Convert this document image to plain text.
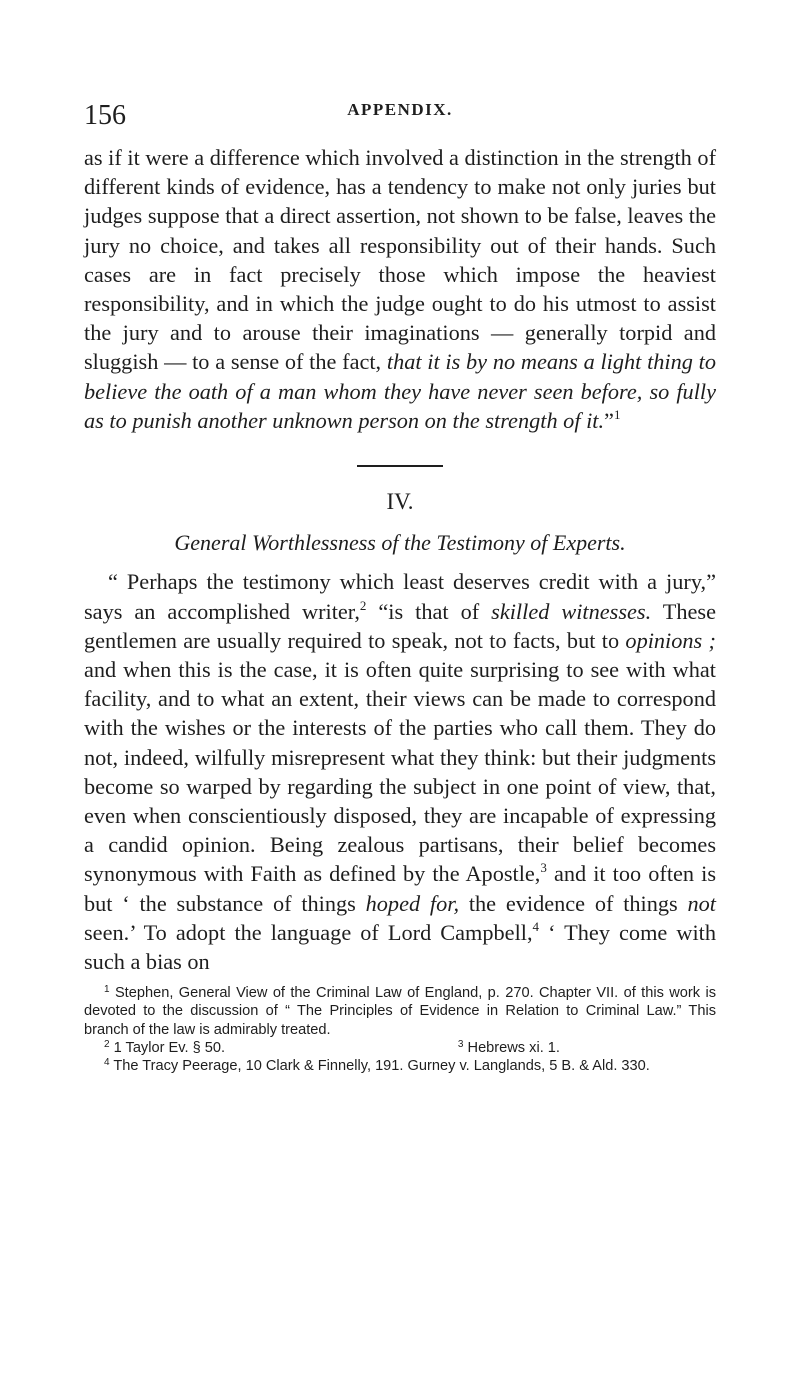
156	APPENDIX.

as if it were a difference which involved a distinction in the strength of different kinds of evidence, has a tendency to make not only juries but judges suppose that a direct assertion, not shown to be false, leaves the jury no choice, and takes all responsibility out of their hands. Such cases are in fact precisely those which impose the heaviest responsibility, and in which the judge ought to do his utmost to assist the jury and to arouse their imaginations — generally torpid and sluggish — to a sense of the fact, that it is by no means a light thing to believe the oath of a man whom they have never seen before, so fully as to punish another unknown person on the strength of it.”$^1$

IV.
General Worthlessness of the Testimony of Experts.

“ Perhaps the testimony which least deserves credit with a jury,” says an accomplished writer,$^2$ “is that of skilled witnesses. These gentlemen are usually required to speak, not to facts, but to opinions ; and when this is the case, it is often quite surprising to see with what facility, and to what an extent, their views can be made to correspond with the wishes or the interests of the parties who call them. They do not, indeed, wilfully misrepresent what they think: but their judgments become so warped by regarding the subject in one point of view, that, even when conscientiously disposed, they are incapable of expressing a candid opinion. Being zealous partisans, their belief becomes synonymous with Faith as defined by the Apostle,$^3$ and it too often is but ‘ the substance of things hoped for, the evidence of things not seen.’ To adopt the language of Lord Campbell,$^4$ ‘ They come with such a bias on

$^1$ Stephen, General View of the Criminal Law of England, p. 270. Chapter VII. of this work is devoted to the discussion of “ The Principles of Evidence in Relation to Criminal Law.” This branch of the law is admirably treated.
$^2$ 1 Taylor Ev. § 50.	$^3$ Hebrews xi. 1.
$^4$ The Tracy Peerage, 10 Clark & Finnelly, 191. Gurney v. Langlands, 5 B. & Ald. 330.
